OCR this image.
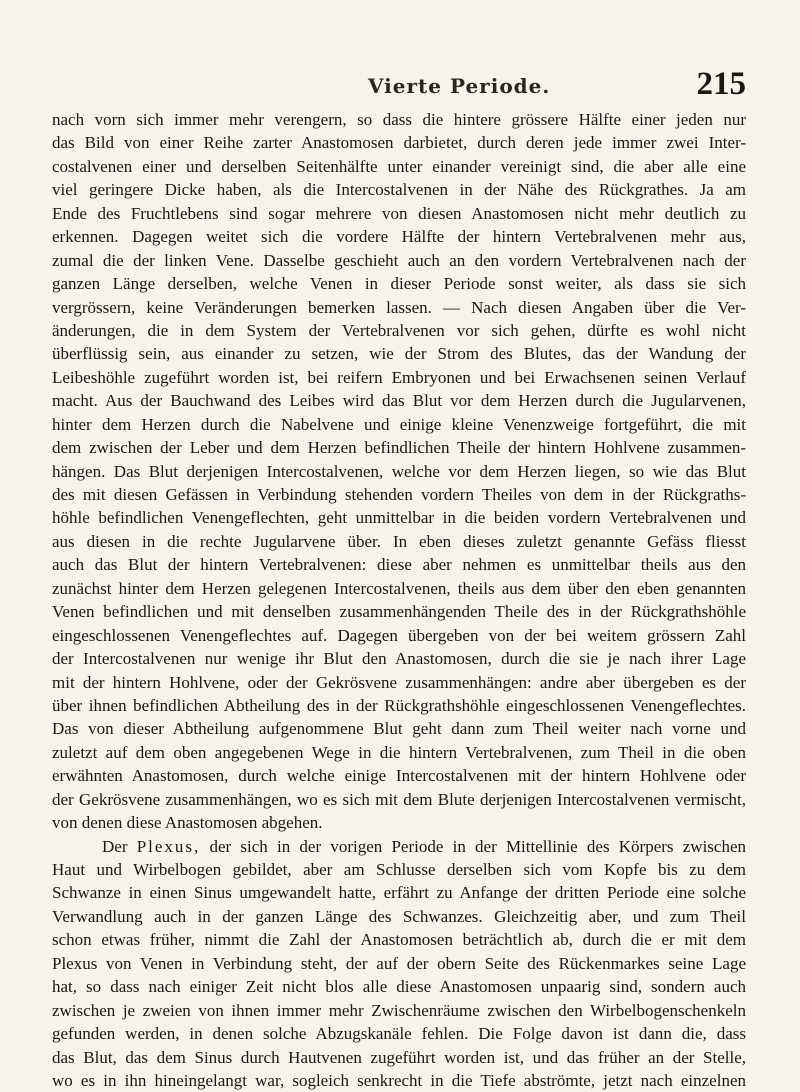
Vierte Periode.	215
nach vorn sich immer mehr verengern, so dass die hintere grössere Hälfte einer jeden nur
das Bild von einer Reihe zarter Anastomosen darbietet, durch deren jede immer zwei Inter-
costalvenen einer und derselben Seitenhälfte unter einander vereinigt sind, die aber alle eine
viel geringere Dicke haben, als die Intercostalvenen in der Nähe des Rückgrathes. Ja am
Ende des Fruchtlebens sind sogar mehrere von diesen Anastomosen nicht mehr deutlich zu
erkennen. Dagegen weitet sich die vordere Hälfte der hintern Vertebralvenen mehr aus,
zumal die der linken Vene. Dasselbe geschieht auch an den vordern Vertebralvenen nach der
ganzen Länge derselben, welche Venen in dieser Periode sonst weiter, als dass sie sich
vergrössern, keine Veränderungen bemerken lassen. — Nach diesen Angaben über die Ver-
änderungen, die in dem System der Vertebralvenen vor sich gehen, dürfte es wohl nicht
überflüssig sein, aus einander zu setzen, wie der Strom des Blutes, das der Wandung der
Leibeshöhle zugeführt worden ist, bei reifern Embryonen und bei Erwachsenen seinen Verlauf
macht. Aus der Bauchwand des Leibes wird das Blut vor dem Herzen durch die Jugularvenen,
hinter dem Herzen durch die Nabelvene und einige kleine Venenzweige fortgeführt, die mit
dem zwischen der Leber und dem Herzen befindlichen Theile der hintern Hohlvene zusammen-
hängen. Das Blut derjenigen Intercostalvenen, welche vor dem Herzen liegen, so wie das Blut
des mit diesen Gefässen in Verbindung stehenden vordern Theiles von dem in der Rückgraths-
höhle befindlichen Venengeflechten, geht unmittelbar in die beiden vordern Vertebralvenen und
aus diesen in die rechte Jugularvene über. In eben dieses zuletzt genannte Gefäss fliesst
auch das Blut der hintern Vertebralvenen: diese aber nehmen es unmittelbar theils aus den
zunächst hinter dem Herzen gelegenen Intercostalvenen, theils aus dem über den eben genannten
Venen befindlichen und mit denselben zusammenhängenden Theile des in der Rückgrathshöhle
eingeschlossenen Venengeflechtes auf. Dagegen übergeben von der bei weitem grössern Zahl
der Intercostalvenen nur wenige ihr Blut den Anastomosen, durch die sie je nach ihrer Lage
mit der hintern Hohlvene, oder der Gekrösvene zusammenhängen: andre aber übergeben es der
über ihnen befindlichen Abtheilung des in der Rückgrathshöhle eingeschlossenen Venengeflechtes.
Das von dieser Abtheilung aufgenommene Blut geht dann zum Theil weiter nach vorne und
zuletzt auf dem oben angegebenen Wege in die hintern Vertebralvenen, zum Theil in die oben
erwähnten Anastomosen, durch welche einige Intercostalvenen mit der hintern Hohlvene oder
der Gekrösvene zusammenhängen, wo es sich mit dem Blute derjenigen Intercostalvenen vermischt,
von denen diese Anastomosen abgehen.
Der Plexus, der sich in der vorigen Periode in der Mittellinie des Körpers zwischen
Haut und Wirbelbogen gebildet, aber am Schlusse derselben sich vom Kopfe bis zu dem
Schwanze in einen Sinus umgewandelt hatte, erfährt zu Anfange der dritten Periode eine solche
Verwandlung auch in der ganzen Länge des Schwanzes. Gleichzeitig aber, und zum Theil
schon etwas früher, nimmt die Zahl der Anastomosen beträchtlich ab, durch die er mit dem
Plexus von Venen in Verbindung steht, der auf der obern Seite des Rückenmarkes seine Lage
hat, so dass nach einiger Zeit nicht blos alle diese Anastomosen unpaarig sind, sondern auch
zwischen je zweien von ihnen immer mehr Zwischenräume zwischen den Wirbelbogenschenkeln
gefunden werden, in denen solche Abzugskanäle fehlen. Die Folge davon ist dann die, dass
das Blut, das dem Sinus durch Hautvenen zugeführt worden ist, und das früher an der Stelle,
wo es in ihn hineingelangt war, sogleich senkrecht in die Tiefe abströmte, jetzt nach einzelnen
